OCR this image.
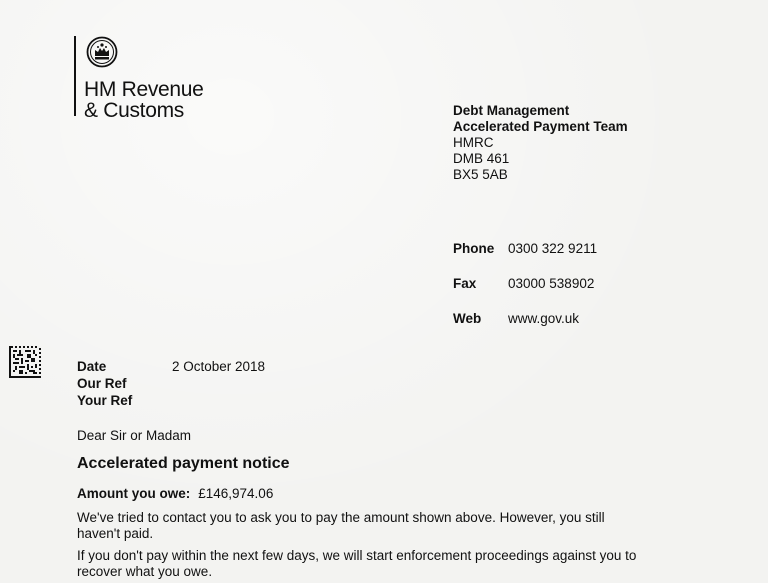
HM Revenue
& Customs	Debt Management
Accelerated Payment Team
HMRC
DMB 461
BX5 5AB
Phone	0300 322 9211
Fax	03000 538902
Web	www.gov.uk
Date	2 October 2018
Our Ref
Your Ref
Dear Sir or Madam
Accelerated payment notice
Amount you owe: £146,974.06
We've tried to contact you to ask you to pay the amount shown above. However, you still haven't paid.
If you don't pay within the next few days, we will start enforcement proceedings against you to recover what you owe.
